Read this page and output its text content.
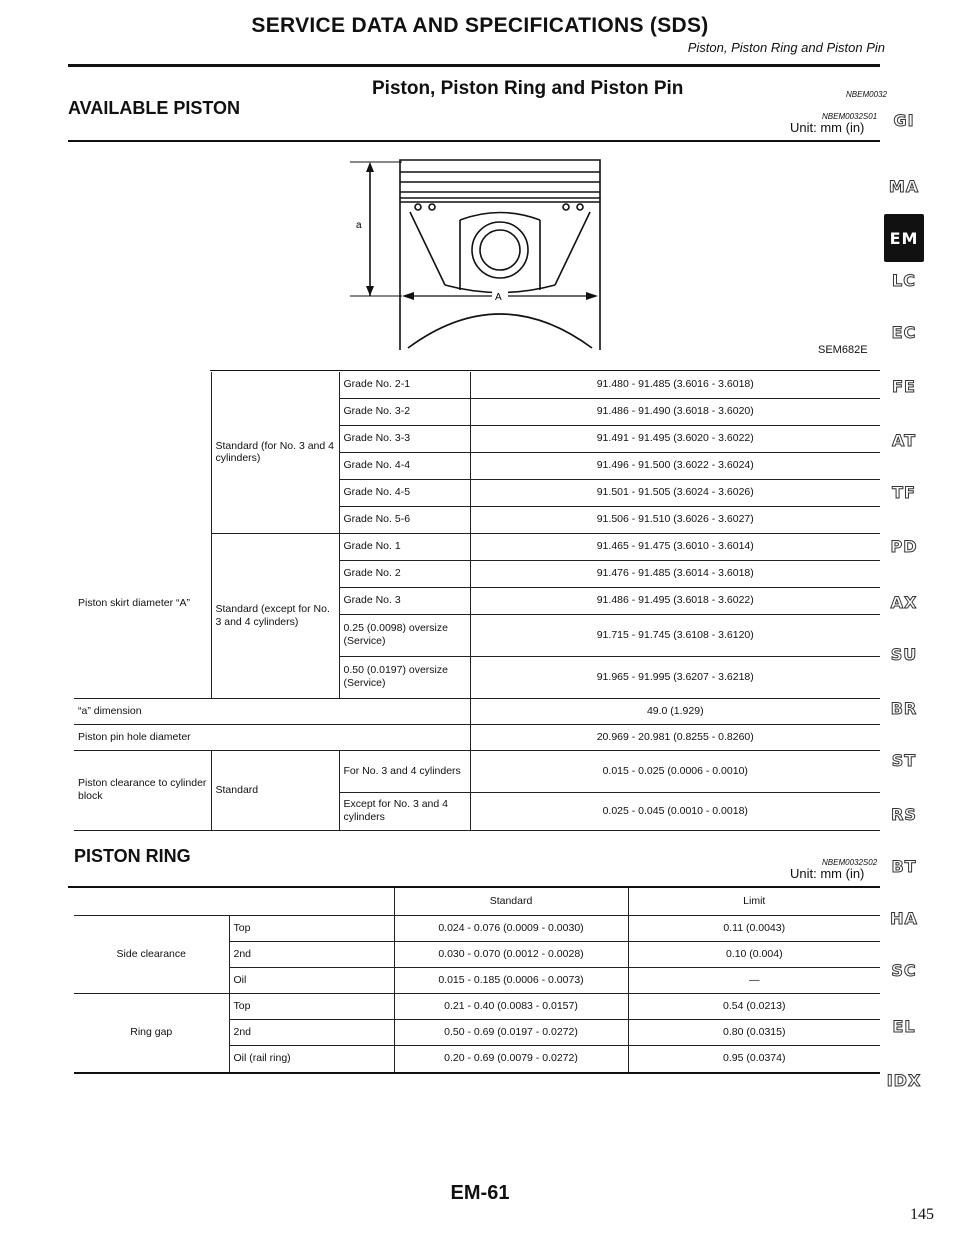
SERVICE DATA AND SPECIFICATIONS (SDS)
Piston, Piston Ring and Piston Pin
Piston, Piston Ring and Piston Pin	NBEM0032
AVAILABLE PISTON	NBEM0032S01
Unit: mm (in)
a
A
SEM682E
Piston skirt diameter “A”	Standard (for No. 3 and 4 cylinders)	Grade No. 2-1	91.480 - 91.485 (3.6016 - 3.6018)
		Grade No. 3-2	91.486 - 91.490 (3.6018 - 3.6020)
		Grade No. 3-3	91.491 - 91.495 (3.6020 - 3.6022)
		Grade No. 4-4	91.496 - 91.500 (3.6022 - 3.6024)
		Grade No. 4-5	91.501 - 91.505 (3.6024 - 3.6026)
		Grade No. 5-6	91.506 - 91.510 (3.6026 - 3.6027)
	Standard (except for No. 3 and 4 cylinders)	Grade No. 1	91.465 - 91.475 (3.6010 - 3.6014)
		Grade No. 2	91.476 - 91.485 (3.6014 - 3.6018)
		Grade No. 3	91.486 - 91.495 (3.6018 - 3.6022)
		0.25 (0.0098) oversize (Service)	91.715 - 91.745 (3.6108 - 3.6120)
		0.50 (0.0197) oversize (Service)	91.965 - 91.995 (3.6207 - 3.6218)
“a” dimension			49.0 (1.929)
Piston pin hole diameter			20.969 - 20.981 (0.8255 - 0.8260)
Piston clearance to cylinder block	Standard	For No. 3 and 4 cylinders	0.015 - 0.025 (0.0006 - 0.0010)
		Except for No. 3 and 4 cylinders	0.025 - 0.045 (0.0010 - 0.0018)
PISTON RING	NBEM0032S02
Unit: mm (in)
		Standard	Limit
Side clearance	Top	0.024 - 0.076 (0.0009 - 0.0030)	0.11 (0.0043)
	2nd	0.030 - 0.070 (0.0012 - 0.0028)	0.10 (0.004)
	Oil	0.015 - 0.185 (0.0006 - 0.0073)	—
Ring gap	Top	0.21 - 0.40 (0.0083 - 0.0157)	0.54 (0.0213)
	2nd	0.50 - 0.69 (0.0197 - 0.0272)	0.80 (0.0315)
	Oil (rail ring)	0.20 - 0.69 (0.0079 - 0.0272)	0.95 (0.0374)
GI
MA
EM
LC
EC
FE
AT
TF
PD
AX
SU
BR
ST
RS
BT
HA
SC
EL
IDX
EM-61
145
